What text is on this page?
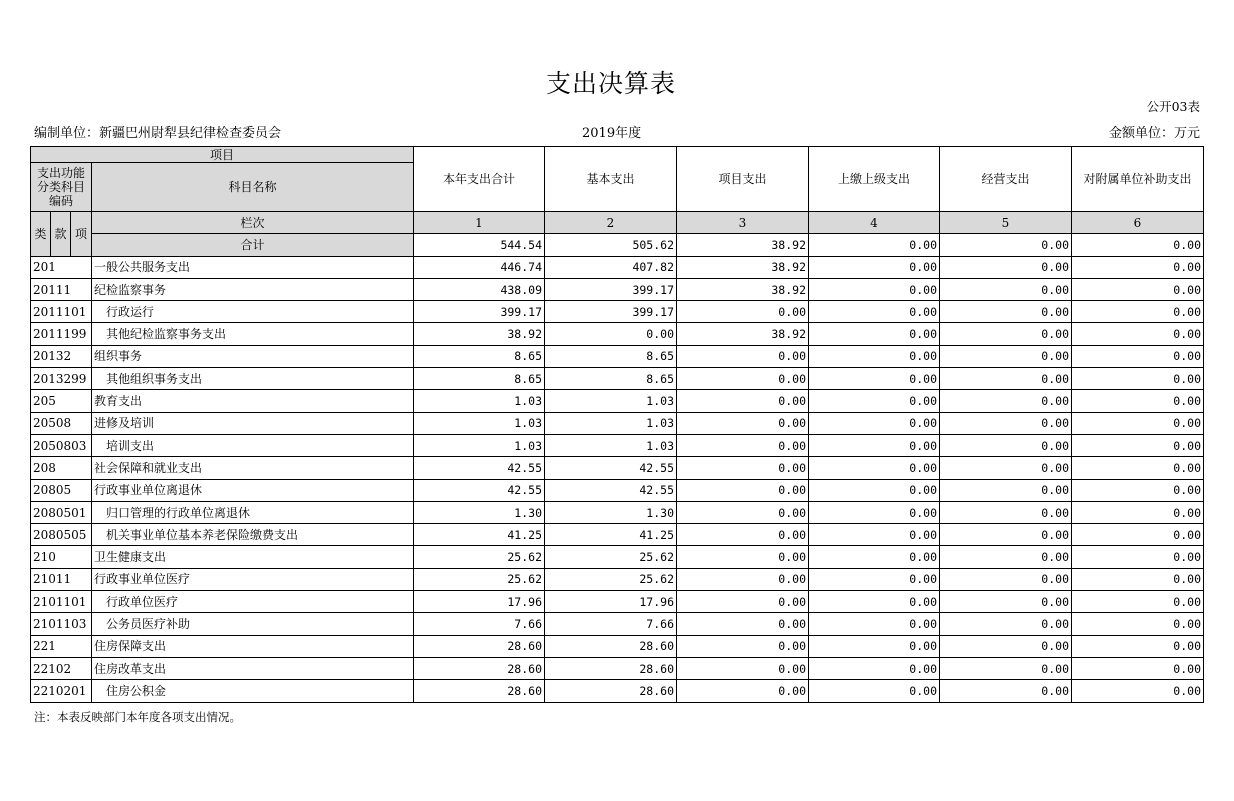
支出决算表
公开03表
编制单位：新疆巴州尉犁县纪律检查委员会	2019年度	金额单位：万元
项目				本年支出合计	基本支出	项目支出	上缴上级支出	经营支出	对附属单位补助支出
支出功能分类科目编码			科目名称						
类	款	项	栏次	1	2	3	4	5	6
			合计	544.54	505.62	38.92	0.00	0.00	0.00
201			一般公共服务支出	446.74	407.82	38.92	0.00	0.00	0.00
20111			纪检监察事务	438.09	399.17	38.92	0.00	0.00	0.00
2011101			行政运行	399.17	399.17	0.00	0.00	0.00	0.00
2011199			其他纪检监察事务支出	38.92	0.00	38.92	0.00	0.00	0.00
20132			组织事务	8.65	8.65	0.00	0.00	0.00	0.00
2013299			其他组织事务支出	8.65	8.65	0.00	0.00	0.00	0.00
205			教育支出	1.03	1.03	0.00	0.00	0.00	0.00
20508			进修及培训	1.03	1.03	0.00	0.00	0.00	0.00
2050803			培训支出	1.03	1.03	0.00	0.00	0.00	0.00
208			社会保障和就业支出	42.55	42.55	0.00	0.00	0.00	0.00
20805			行政事业单位离退休	42.55	42.55	0.00	0.00	0.00	0.00
2080501			归口管理的行政单位离退休	1.30	1.30	0.00	0.00	0.00	0.00
2080505			机关事业单位基本养老保险缴费支出	41.25	41.25	0.00	0.00	0.00	0.00
210			卫生健康支出	25.62	25.62	0.00	0.00	0.00	0.00
21011			行政事业单位医疗	25.62	25.62	0.00	0.00	0.00	0.00
2101101			行政单位医疗	17.96	17.96	0.00	0.00	0.00	0.00
2101103			公务员医疗补助	7.66	7.66	0.00	0.00	0.00	0.00
221			住房保障支出	28.60	28.60	0.00	0.00	0.00	0.00
22102			住房改革支出	28.60	28.60	0.00	0.00	0.00	0.00
2210201			住房公积金	28.60	28.60	0.00	0.00	0.00	0.00
注：本表反映部门本年度各项支出情况。
